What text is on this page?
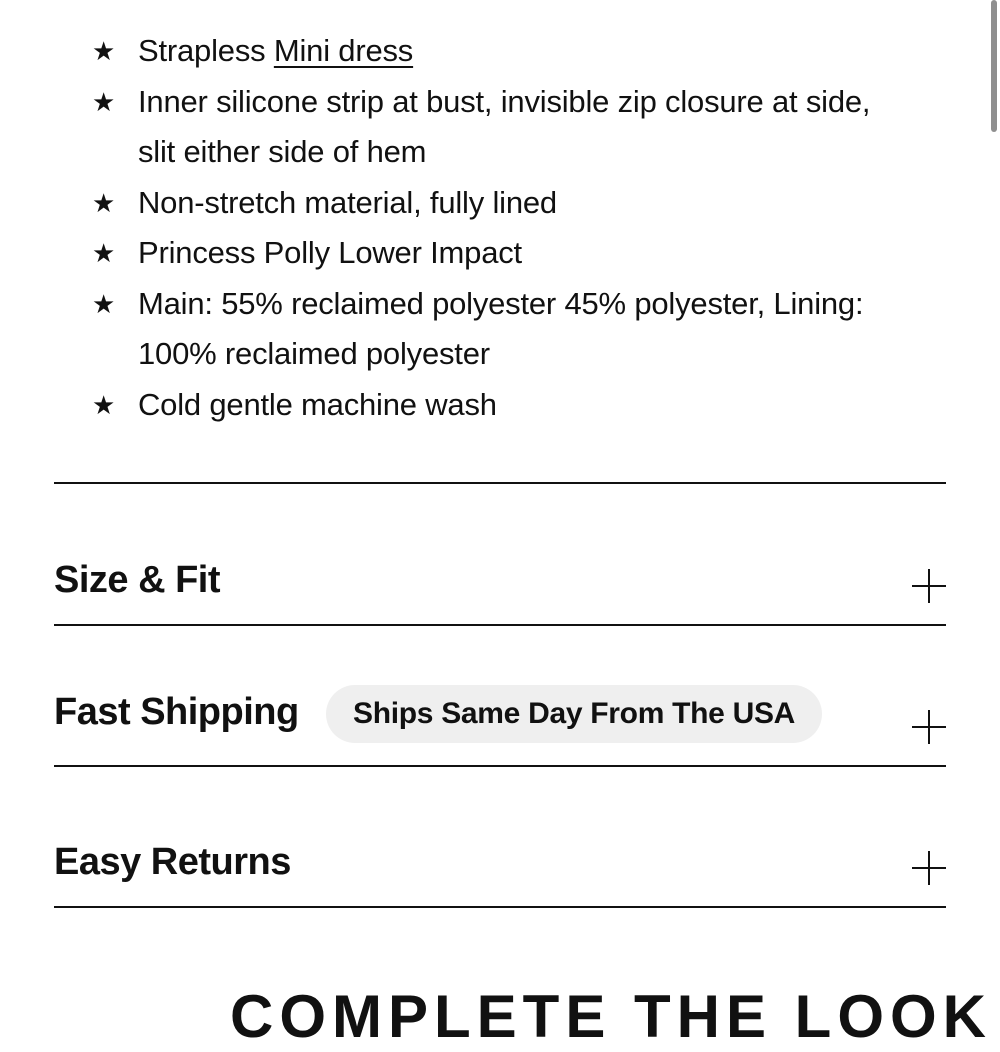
★ Strapless Mini dress
★ Inner silicone strip at bust, invisible zip closure at side, slit either side of hem
★ Non-stretch material, fully lined
★ Princess Polly Lower Impact
★ Main: 55% reclaimed polyester 45% polyester, Lining: 100% reclaimed polyester
★ Cold gentle machine wash
Size & Fit
Fast Shipping	Ships Same Day From The USA
Easy Returns
COMPLETE THE LOOK
